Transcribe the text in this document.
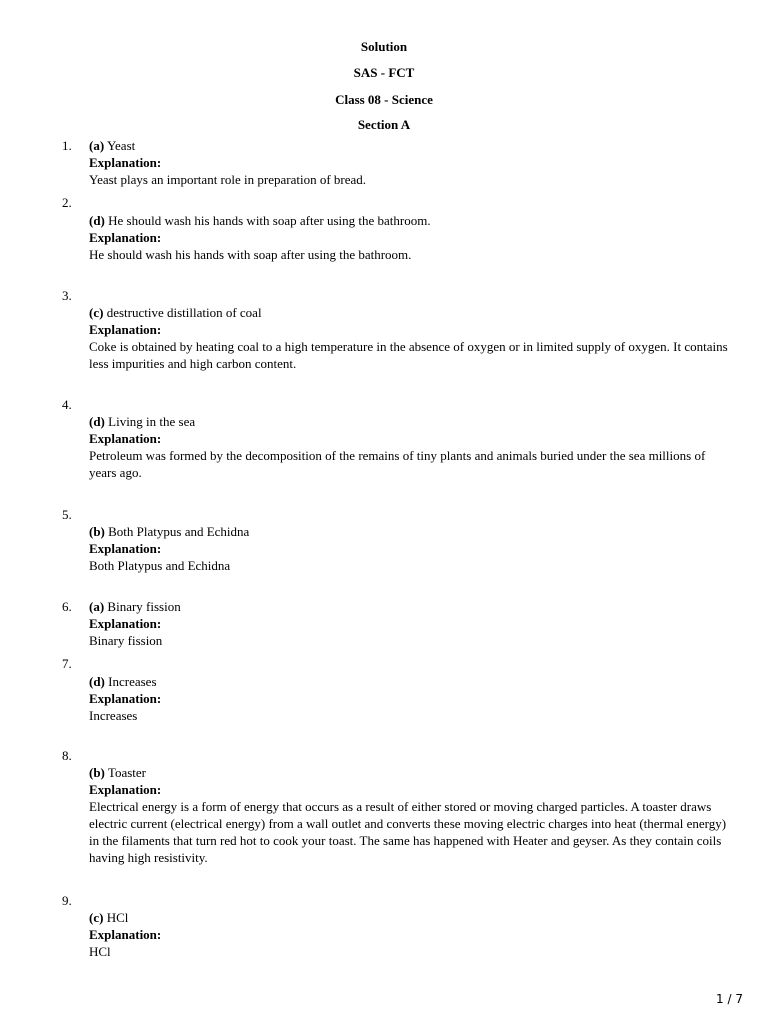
Solution
SAS - FCT
Class 08 - Science
Section A
1. (a) Yeast
Explanation:
Yeast plays an important role in preparation of bread.
2.
(d) He should wash his hands with soap after using the bathroom.
Explanation:
He should wash his hands with soap after using the bathroom.
3.
(c) destructive distillation of coal
Explanation:
Coke is obtained by heating coal to a high temperature in the absence of oxygen or in limited supply of oxygen. It contains less impurities and high carbon content.
4.
(d) Living in the sea
Explanation:
Petroleum was formed by the decomposition of the remains of tiny plants and animals buried under the sea millions of years ago.
5.
(b) Both Platypus and Echidna
Explanation:
Both Platypus and Echidna
6. (a) Binary fission
Explanation:
Binary fission
7.
(d) Increases
Explanation:
Increases
8.
(b) Toaster
Explanation:
Electrical energy is a form of energy that occurs as a result of either stored or moving charged particles. A toaster draws electric current (electrical energy) from a wall outlet and converts these moving electric charges into heat (thermal energy) in the filaments that turn red hot to cook your toast. The same has happened with Heater and geyser. As they contain coils having high resistivity.
9.
(c) HCl
Explanation:
HCl
1 / 7
